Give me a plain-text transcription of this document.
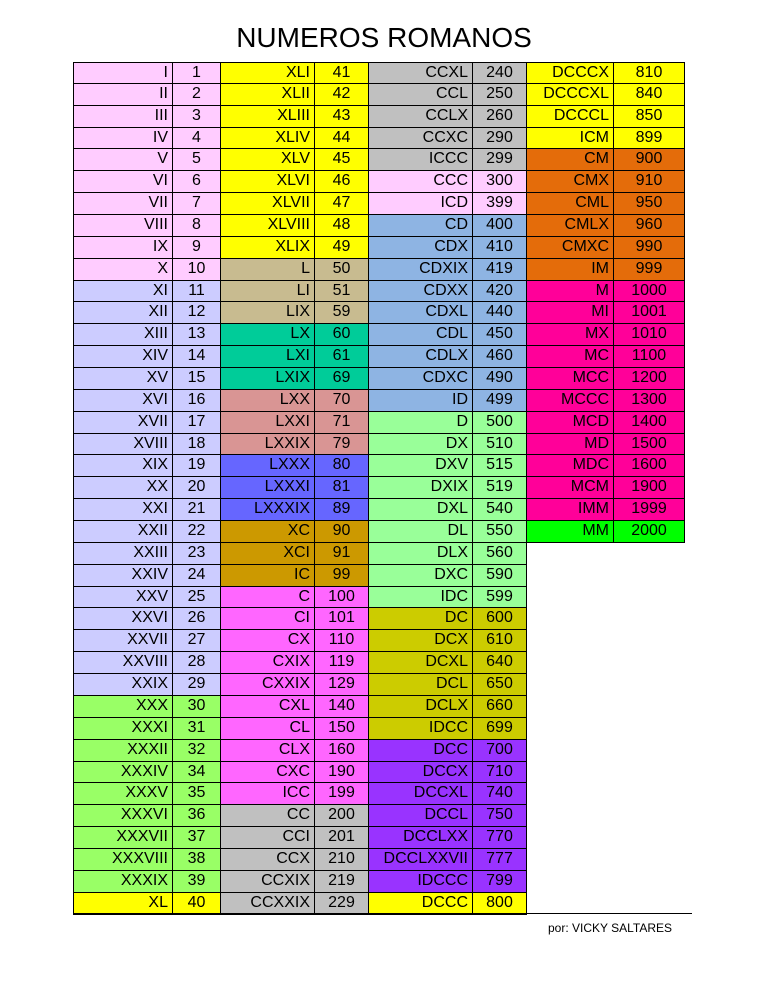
NUMEROS ROMANOS
I	1
II	2
III	3
IV	4
V	5
VI	6
VII	7
VIII	8
IX	9
X	10
XI	11
XII	12
XIII	13
XIV	14
XV	15
XVI	16
XVII	17
XVIII	18
XIX	19
XX	20
XXI	21
XXII	22
XXIII	23
XXIV	24
XXV	25
XXVI	26
XXVII	27
XXVIII	28
XXIX	29
XXX	30
XXXI	31
XXXII	32
XXXIV	34
XXXV	35
XXXVI	36
XXXVII	37
XXXVIII	38
XXXIX	39
XL	40
XLI	41
XLII	42
XLIII	43
XLIV	44
XLV	45
XLVI	46
XLVII	47
XLVIII	48
XLIX	49
L	50
LI	51
LIX	59
LX	60
LXI	61
LXIX	69
LXX	70
LXXI	71
LXXIX	79
LXXX	80
LXXXI	81
LXXXIX	89
XC	90
XCI	91
IC	99
C	100
CI	101
CX	110
CXIX	119
CXXIX	129
CXL	140
CL	150
CLX	160
CXC	190
ICC	199
CC	200
CCI	201
CCX	210
CCXIX	219
CCXXIX	229
CCXL	240
CCL	250
CCLX	260
CCXC	290
ICCC	299
CCC	300
ICD	399
CD	400
CDX	410
CDXIX	419
CDXX	420
CDXL	440
CDL	450
CDLX	460
CDXC	490
ID	499
D	500
DX	510
DXV	515
DXIX	519
DXL	540
DL	550
DLX	560
DXC	590
IDC	599
DC	600
DCX	610
DCXL	640
DCL	650
DCLX	660
IDCC	699
DCC	700
DCCX	710
DCCXL	740
DCCL	750
DCCLXX	770
DCCLXXVII	777
IDCCC	799
DCCC	800
DCCCX	810
DCCCXL	840
DCCCL	850
ICM	899
CM	900
CMX	910
CML	950
CMLX	960
CMXC	990
IM	999
M	1000
MI	1001
MX	1010
MC	1100
MCC	1200
MCCC	1300
MCD	1400
MD	1500
MDC	1600
MCM	1900
IMM	1999
MM	2000
por: VICKY SALTARES
